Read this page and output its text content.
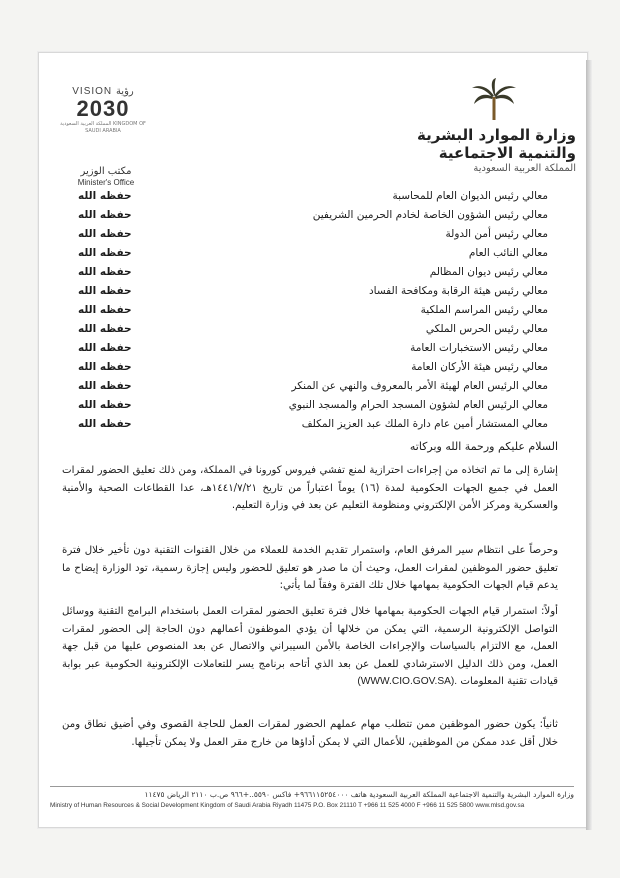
وزارة الموارد البشرية
والتنمية الاجتماعية
المملكة العربية السعودية
VISION رؤية
2030
المملكة العربية السعودية KINGDOM OF SAUDI ARABIA
مكتب الوزير
Minister's Office
معالي رئيس الديوان العام للمحاسبة
حفظه الله
معالي رئيس الشؤون الخاصة لخادم الحرمين الشريفين
حفظه الله
معالي رئيس أمن الدولة
حفظه الله
معالي النائب العام
حفظه الله
معالي رئيس ديوان المظالم
حفظه الله
معالي رئيس هيئة الرقابة ومكافحة الفساد
حفظه الله
معالي رئيس المراسم الملكية
حفظه الله
معالي رئيس الحرس الملكي
حفظه الله
معالي رئيس الاستخبارات العامة
حفظه الله
معالي رئيس هيئة الأركان العامة
حفظه الله
معالي الرئيس العام لهيئة الأمر بالمعروف والنهي عن المنكر
حفظه الله
معالي الرئيس العام لشؤون المسجد الحرام والمسجد النبوي
حفظه الله
معالي المستشار أمين عام دارة الملك عبد العزيز المكلف
حفظه الله
السلام عليكم ورحمة الله وبركاته
إشارة إلى ما تم اتخاذه من إجراءات احترازية لمنع تفشي فيروس كورونا في المملكة، ومن ذلك تعليق الحضور لمقرات العمل في جميع الجهات الحكومية لمدة (١٦) يوماً اعتباراً من تاريخ ١٤٤١/٧/٢١هـ، عدا القطاعات الصحية والأمنية والعسكرية ومركز الأمن الإلكتروني ومنظومة التعليم عن بعد في وزارة التعليم.
وحرصاً على انتظام سير المرفق العام، واستمرار تقديم الخدمة للعملاء من خلال القنوات التقنية دون تأخير خلال فترة تعليق حضور الموظفين لمقرات العمل، وحيث أن ما صدر هو تعليق للحضور وليس إجازة رسمية، تود الوزارة إيضاح ما يدعم قيام الجهات الحكومية بمهامها خلال تلك الفترة وفقاً لما يأتي:
أولاً: استمرار قيام الجهات الحكومية بمهامها خلال فترة تعليق الحضور لمقرات العمل باستخدام البرامج التقنية ووسائل التواصل الإلكترونية الرسمية، التي يمكن من خلالها أن يؤدي الموظفون أعمالهم دون الحاجة إلى الحضور لمقرات العمل، مع الالتزام بالسياسات والإجراءات الخاصة بالأمن السيبراني والاتصال عن بعد المنصوص عليها من قبل جهة العمل، ومن ذلك الدليل الاسترشادي للعمل عن بعد الذي أتاحه برنامج يسر للتعاملات الإلكترونية الحكومية عبر بوابة قيادات تقنية المعلومات (WWW.CIO.GOV.SA).
ثانياً: يكون حضور الموظفين ممن تتطلب مهام عملهم الحضور لمقرات العمل للحاجة القصوى وفي أضيق نطاق ومن خلال أقل عدد ممكن من الموظفين، للأعمال التي لا يمكن أداؤها من خارج مقر العمل ولا يمكن تأجيلها.
وزارة الموارد البشرية والتنمية الاجتماعية المملكة العربية السعودية هاتف ٩٦٦١١٥٢٥٤٠٠٠+ فاكس ٥٥٩٠..+٩٦٦ ص.ب ٢١١٠ الرياض ١١٤٧٥
Ministry of Human Resources & Social Development Kingdom of Saudi Arabia Riyadh 11475 P.O. Box 21110 T +966 11 525 4000 F +966 11 525 5800 www.mlsd.gov.sa
